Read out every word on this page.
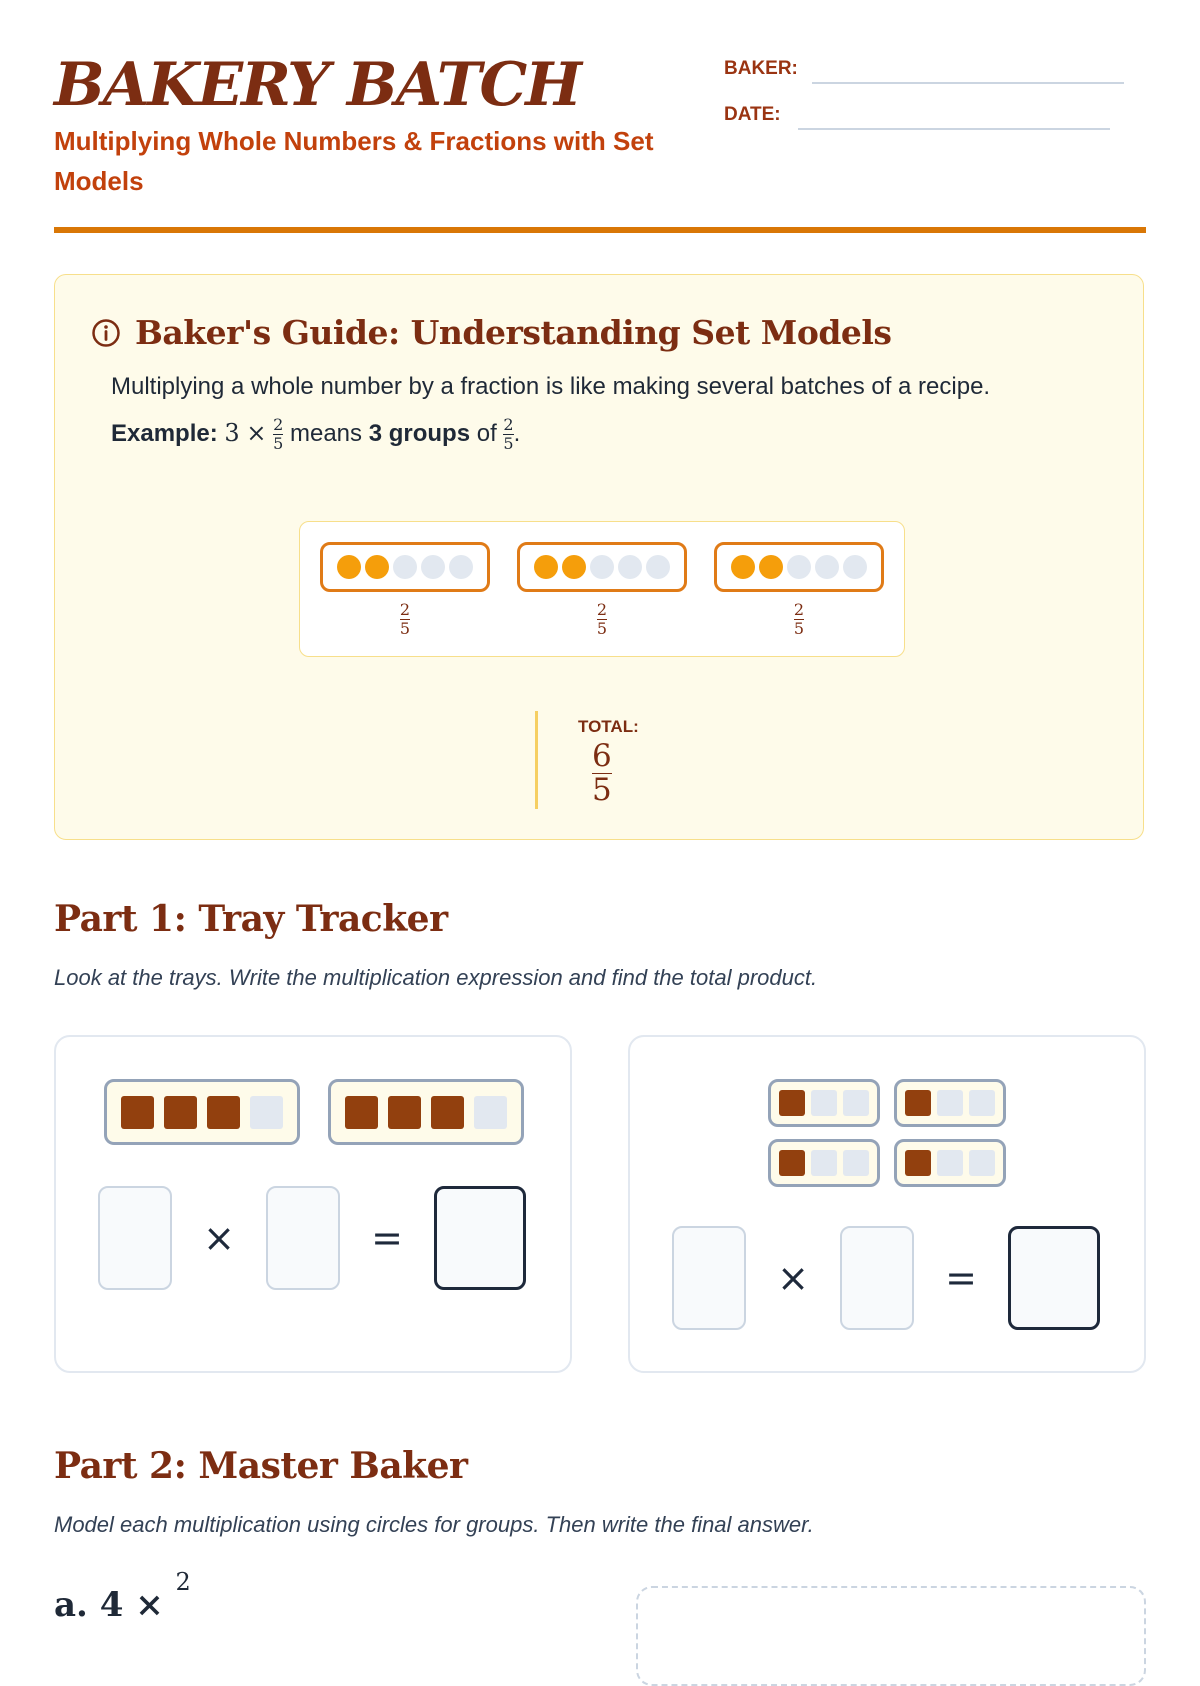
BAKERY BATCH

Multiplying Whole Numbers & Fractions with Set Models

BAKER:
DATE:
Baker's Guide: Understanding Set Models

Multiplying a whole number by a fraction is like making several batches of a recipe.

Example: $3 \times \frac{2}{5}$ means 3 groups of $\frac{2}{5}$ .

$\frac{2}{5}$	$\frac{2}{5}$	$\frac{2}{5}$
TOTAL:
$\frac{6}{5}$
Part 1: Tray Tracker

Look at the trays. Write the multiplication expression and find the total product.

×	=
×	=
Part 2: Master Baker

Model each multiplication using circles for groups. Then write the final answer.

a. 4 × $^2$
